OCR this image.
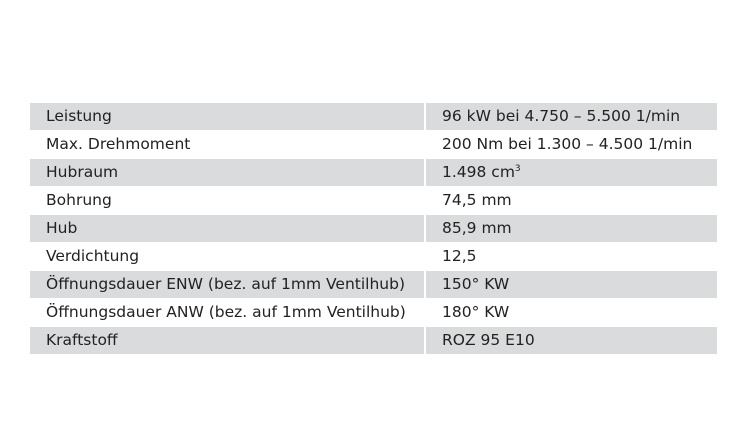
Leistung	96 kW bei 4.750 – 5.500 1/min
Max. Drehmoment	200 Nm bei 1.300 – 4.500 1/min
Hubraum	1.498 $cm^3$
Bohrung	74,5 mm
Hub	85,9 mm
Verdichtung	12,5
Öffnungsdauer ENW (bez. auf 1mm Ventilhub)	150° KW
Öffnungsdauer ANW (bez. auf 1mm Ventilhub)	180° KW
Kraftstoff	ROZ 95 E10
